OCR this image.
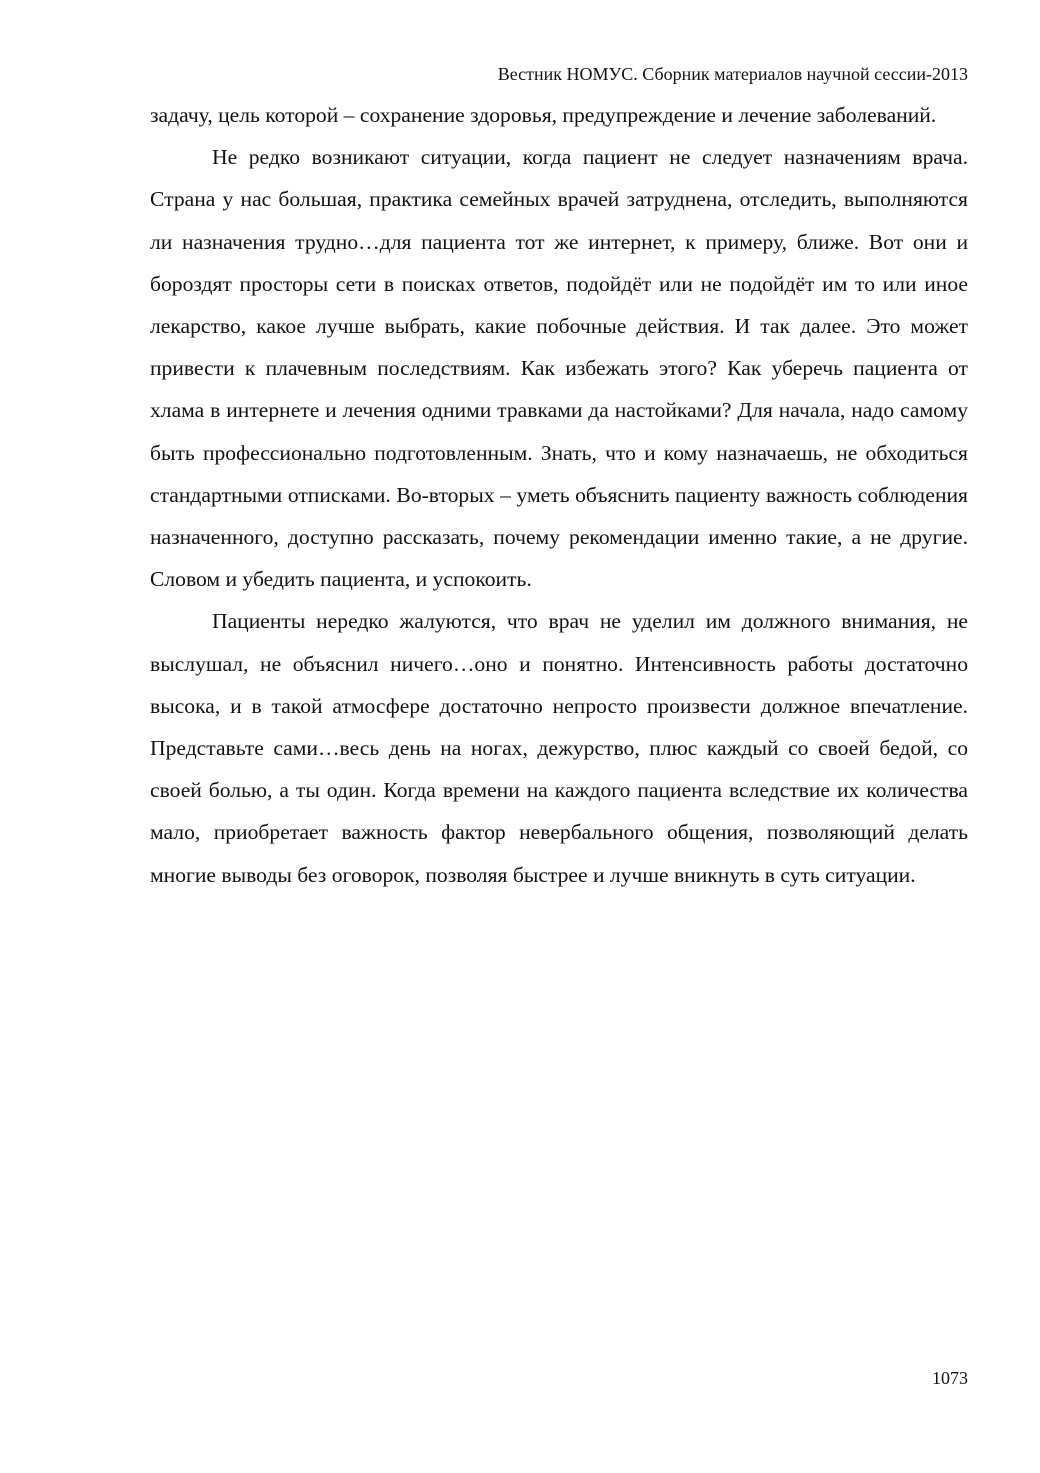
Вестник НОМУС. Сборник материалов научной сессии-2013

задачу, цель которой – сохранение здоровья, предупреждение и лечение заболеваний.

Не редко возникают ситуации, когда пациент не следует назначениям врача. Страна у нас большая, практика семейных врачей затруднена, отследить, выполняются ли назначения трудно…для пациента тот же интернет, к примеру, ближе. Вот они и бороздят просторы сети в поисках ответов, подойдёт или не подойдёт им то или иное лекарство, какое лучше выбрать, какие побочные действия. И так далее. Это может привести к плачевным последствиям. Как избежать этого? Как уберечь пациента от хлама в интернете и лечения одними травками да настойками? Для начала, надо самому быть профессионально подготовленным. Знать, что и кому назначаешь, не обходиться стандартными отписками. Во-вторых – уметь объяснить пациенту важность соблюдения назначенного, доступно рассказать, почему рекомендации именно такие, а не другие. Словом и убедить пациента, и успокоить.

Пациенты нередко жалуются, что врач не уделил им должного внимания, не выслушал, не объяснил ничего…оно и понятно. Интенсивность работы достаточно высока, и в такой атмосфере достаточно непросто произвести должное впечатление. Представьте сами…весь день на ногах, дежурство, плюс каждый со своей бедой, со своей болью, а ты один. Когда времени на каждого пациента вследствие их количества мало, приобретает важность фактор невербального общения, позволяющий делать многие выводы без оговорок, позволяя быстрее и лучше вникнуть в суть ситуации.

1073
